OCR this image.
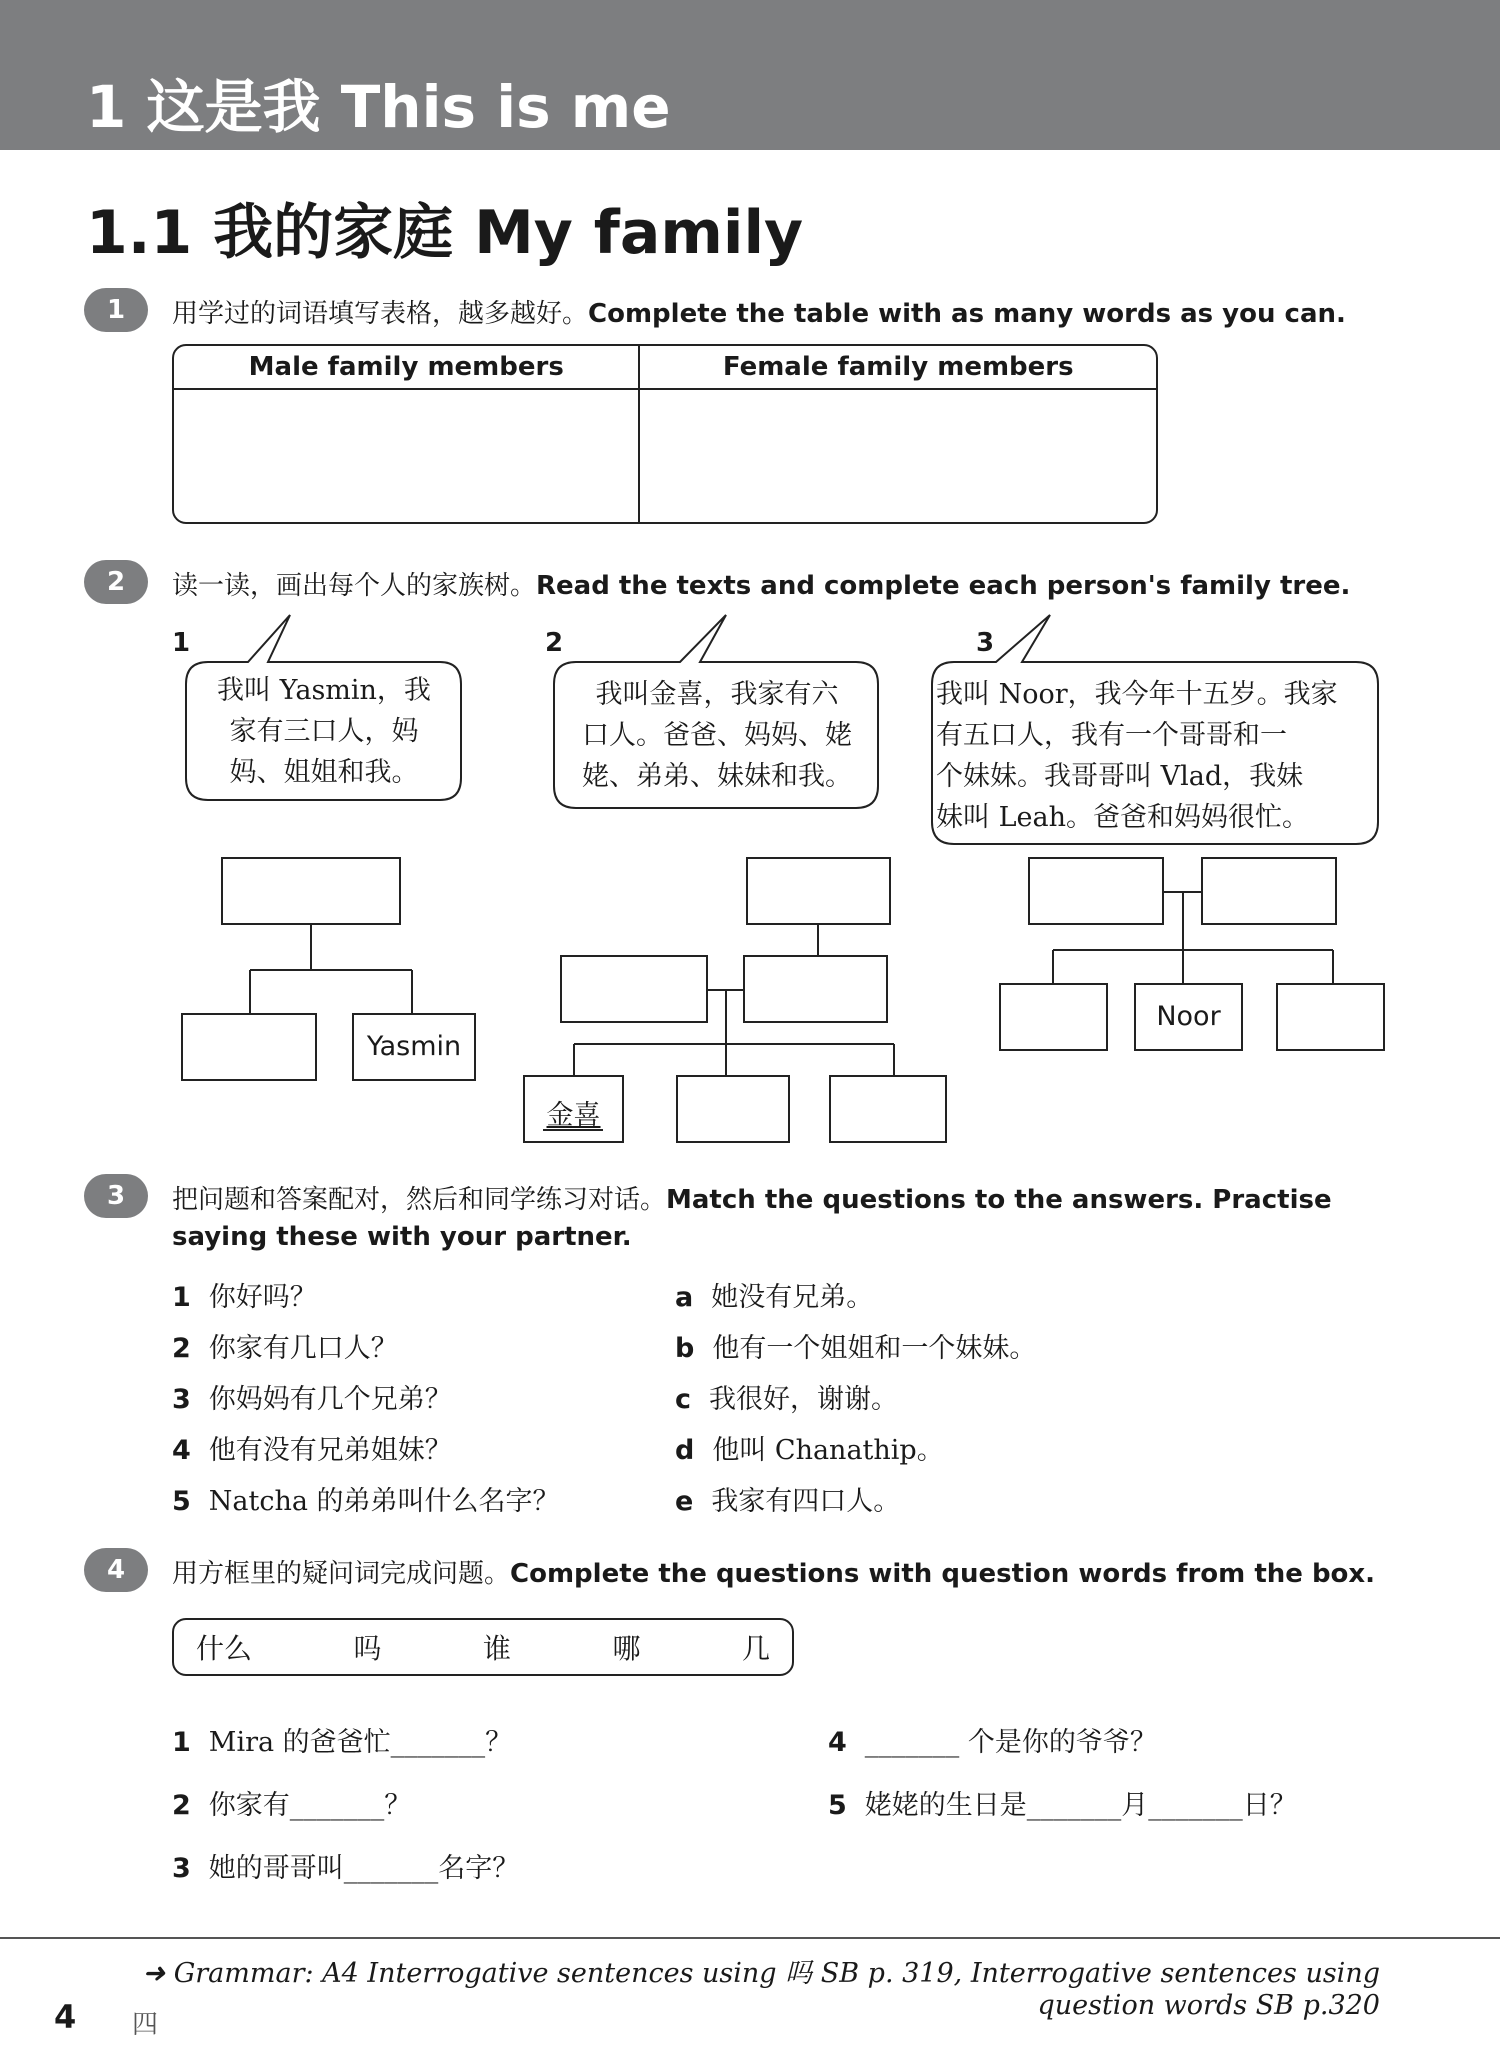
1 这是我 This is me
1.1 我的家庭 My family
1	用学过的词语填写表格，越多越好。Complete the table with as many words as you can.
Male family members	Female family members

2	读一读，画出每个人的家族树。Read the texts and complete each person's family tree.
1	2	3
我叫 Yasmin，我
家有三口人，妈
妈、姐姐和我。
我叫金喜，我家有六
口人。爸爸、妈妈、姥
姥、弟弟、妹妹和我。
我叫 Noor，我今年十五岁。我家
有五口人，我有一个哥哥和一
个妹妹。我哥哥叫 Vlad，我妹
妹叫 Leah。爸爸和妈妈很忙。
Yasmin
金喜
Noor
3	把问题和答案配对，然后和同学练习对话。Match the questions to the answers. Practise
saying these with your partner.
1 你好吗？
2 你家有几口人？
3 你妈妈有几个兄弟？
4 他有没有兄弟姐妹？
5 Natcha 的弟弟叫什么名字？
a 她没有兄弟。
b 他有一个姐姐和一个妹妹。
c 我很好，谢谢。
d 他叫 Chanathip。
e 我家有四口人。
4	用方框里的疑问词完成问题。Complete the questions with question words from the box.
什么	吗	谁	哪	几
1 Mira 的爸爸忙_______？
2 你家有_______？
3 她的哥哥叫_______名字？
4 _______ 个是你的爷爷？
5 姥姥的生日是_______月_______日？
➜ Grammar: A4 Interrogative sentences using 吗 SB p. 319, Interrogative sentences using
question words SB p.320
4 四
